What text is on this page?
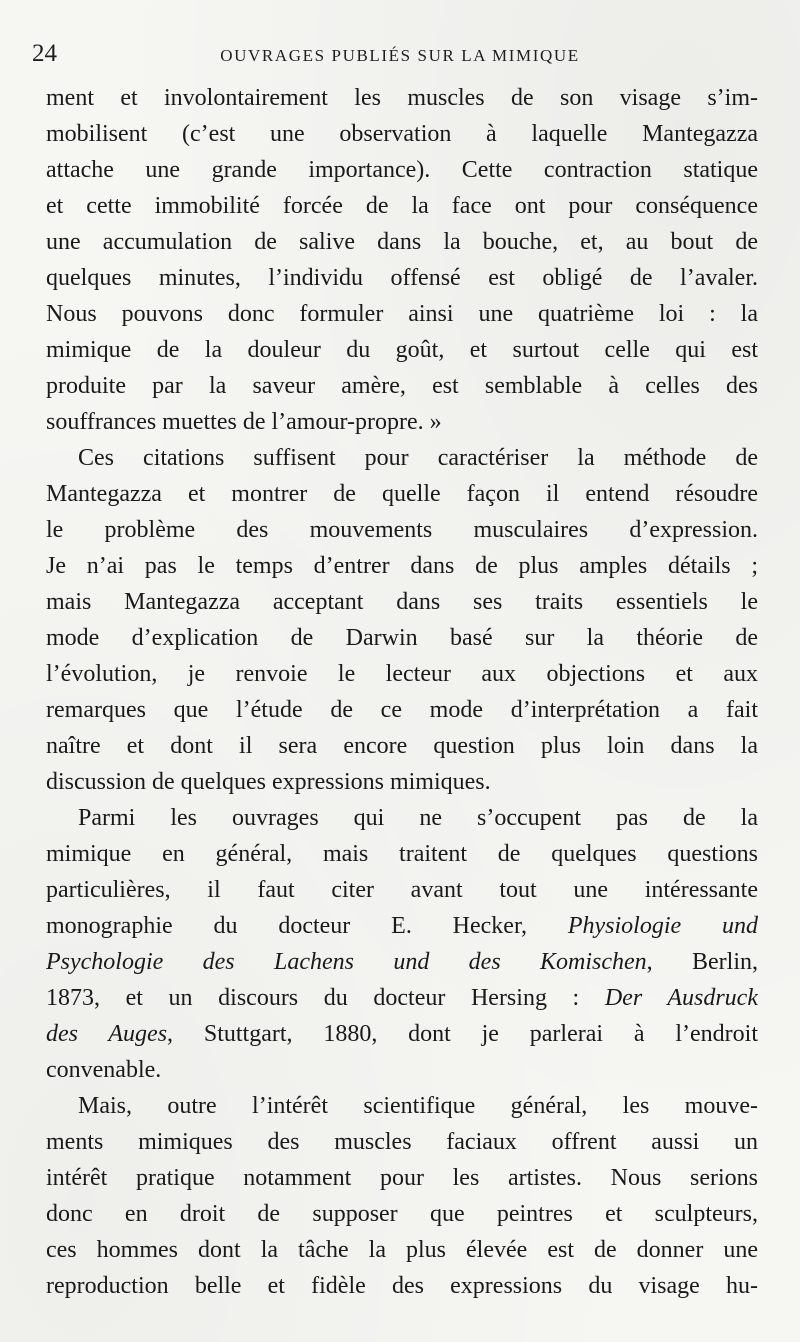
24	OUVRAGES PUBLIÉS SUR LA MIMIQUE
ment et involontairement les muscles de son visage s’im-
mobilisent (c’est une observation à laquelle Mantegazza
attache une grande importance). Cette contraction statique
et cette immobilité forcée de la face ont pour conséquence
une accumulation de salive dans la bouche, et, au bout de
quelques minutes, l’individu offensé est obligé de l’avaler.
Nous pouvons donc formuler ainsi une quatrième loi : la
mimique de la douleur du goût, et surtout celle qui est
produite par la saveur amère, est semblable à celles des
souffrances muettes de l’amour-propre. »
Ces citations suffisent pour caractériser la méthode de
Mantegazza et montrer de quelle façon il entend résoudre
le problème des mouvements musculaires d’expression.
Je n’ai pas le temps d’entrer dans de plus amples détails ;
mais Mantegazza acceptant dans ses traits essentiels le
mode d’explication de Darwin basé sur la théorie de
l’évolution, je renvoie le lecteur aux objections et aux
remarques que l’étude de ce mode d’interprétation a fait
naître et dont il sera encore question plus loin dans la
discussion de quelques expressions mimiques.
Parmi les ouvrages qui ne s’occupent pas de la
mimique en général, mais traitent de quelques questions
particulières, il faut citer avant tout une intéressante
monographie du docteur E. Hecker, Physiologie und
Psychologie des Lachens und des Komischen, Berlin,
1873, et un discours du docteur Hersing : Der Ausdruck
des Auges, Stuttgart, 1880, dont je parlerai à l’endroit
convenable.
Mais, outre l’intérêt scientifique général, les mouve-
ments mimiques des muscles faciaux offrent aussi un
intérêt pratique notamment pour les artistes. Nous serions
donc en droit de supposer que peintres et sculpteurs,
ces hommes dont la tâche la plus élevée est de donner une
reproduction belle et fidèle des expressions du visage hu-
